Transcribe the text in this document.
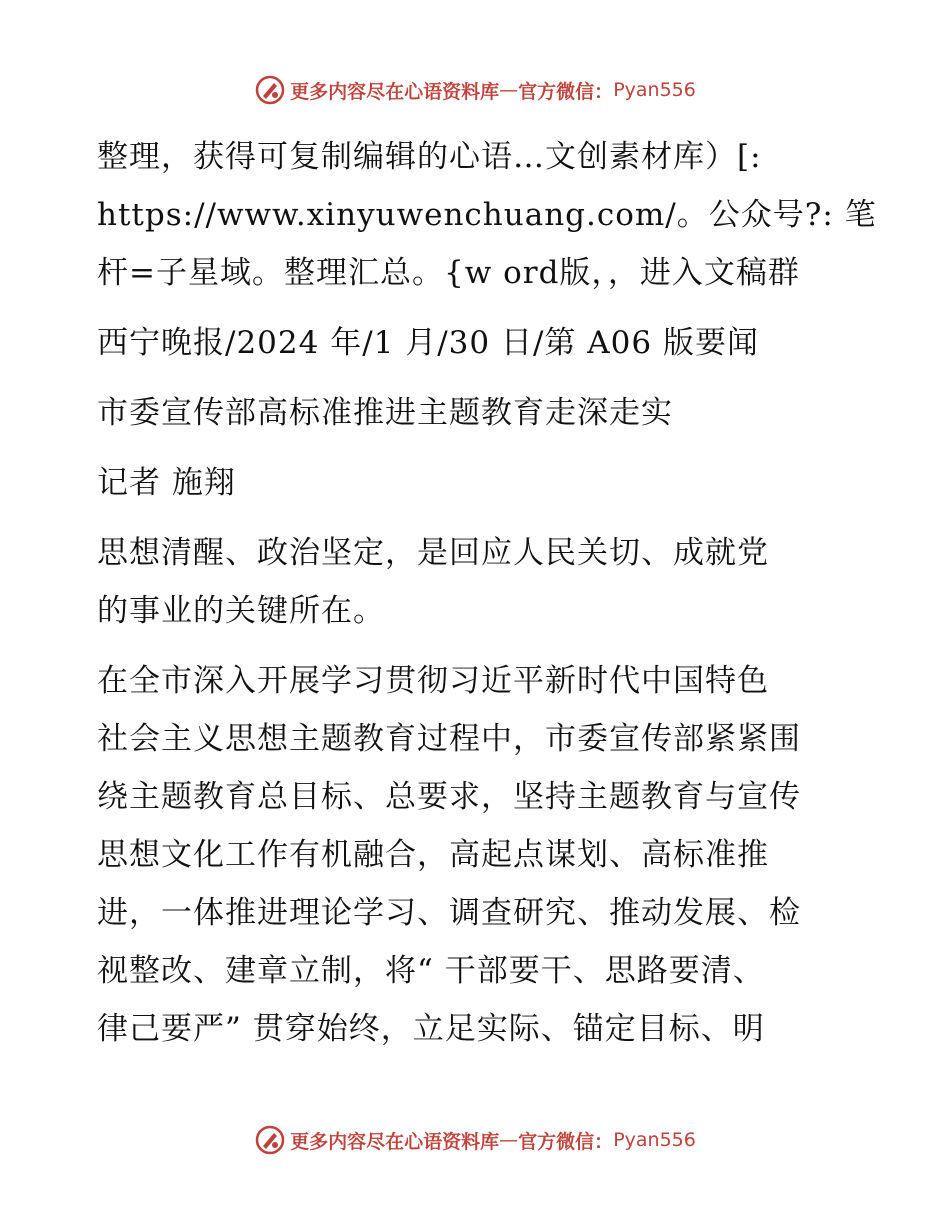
更多内容尽在心语资料库 — 官方微信： Pyan556
整理，获得可复制编辑的心语…文创素材库）[:
https://www.xinyuwenchuang.com/。公众号?: 笔
杆=子星域。整理汇总。{w ord版，，进入文稿群
西宁晚报/2024 年/1 月/30 日/第 A06 版要闻
市委宣传部高标准推进主题教育走深走实
记者 施翔
思想清醒、政治坚定，是回应人民关切、成就党
的事业的关键所在。
在全市深入开展学习贯彻习近平新时代中国特色
社会主义思想主题教育过程中，市委宣传部紧紧围
绕主题教育总目标、总要求，坚持主题教育与宣传
思想文化工作有机融合，高起点谋划、高标准推
进，一体推进理论学习、调查研究、推动发展、检
视整改、建章立制，将“ 干部要干、思路要清、
律己要严” 贯穿始终，立足实际、锚定目标、明
更多内容尽在心语资料库 — 官方微信： Pyan556
